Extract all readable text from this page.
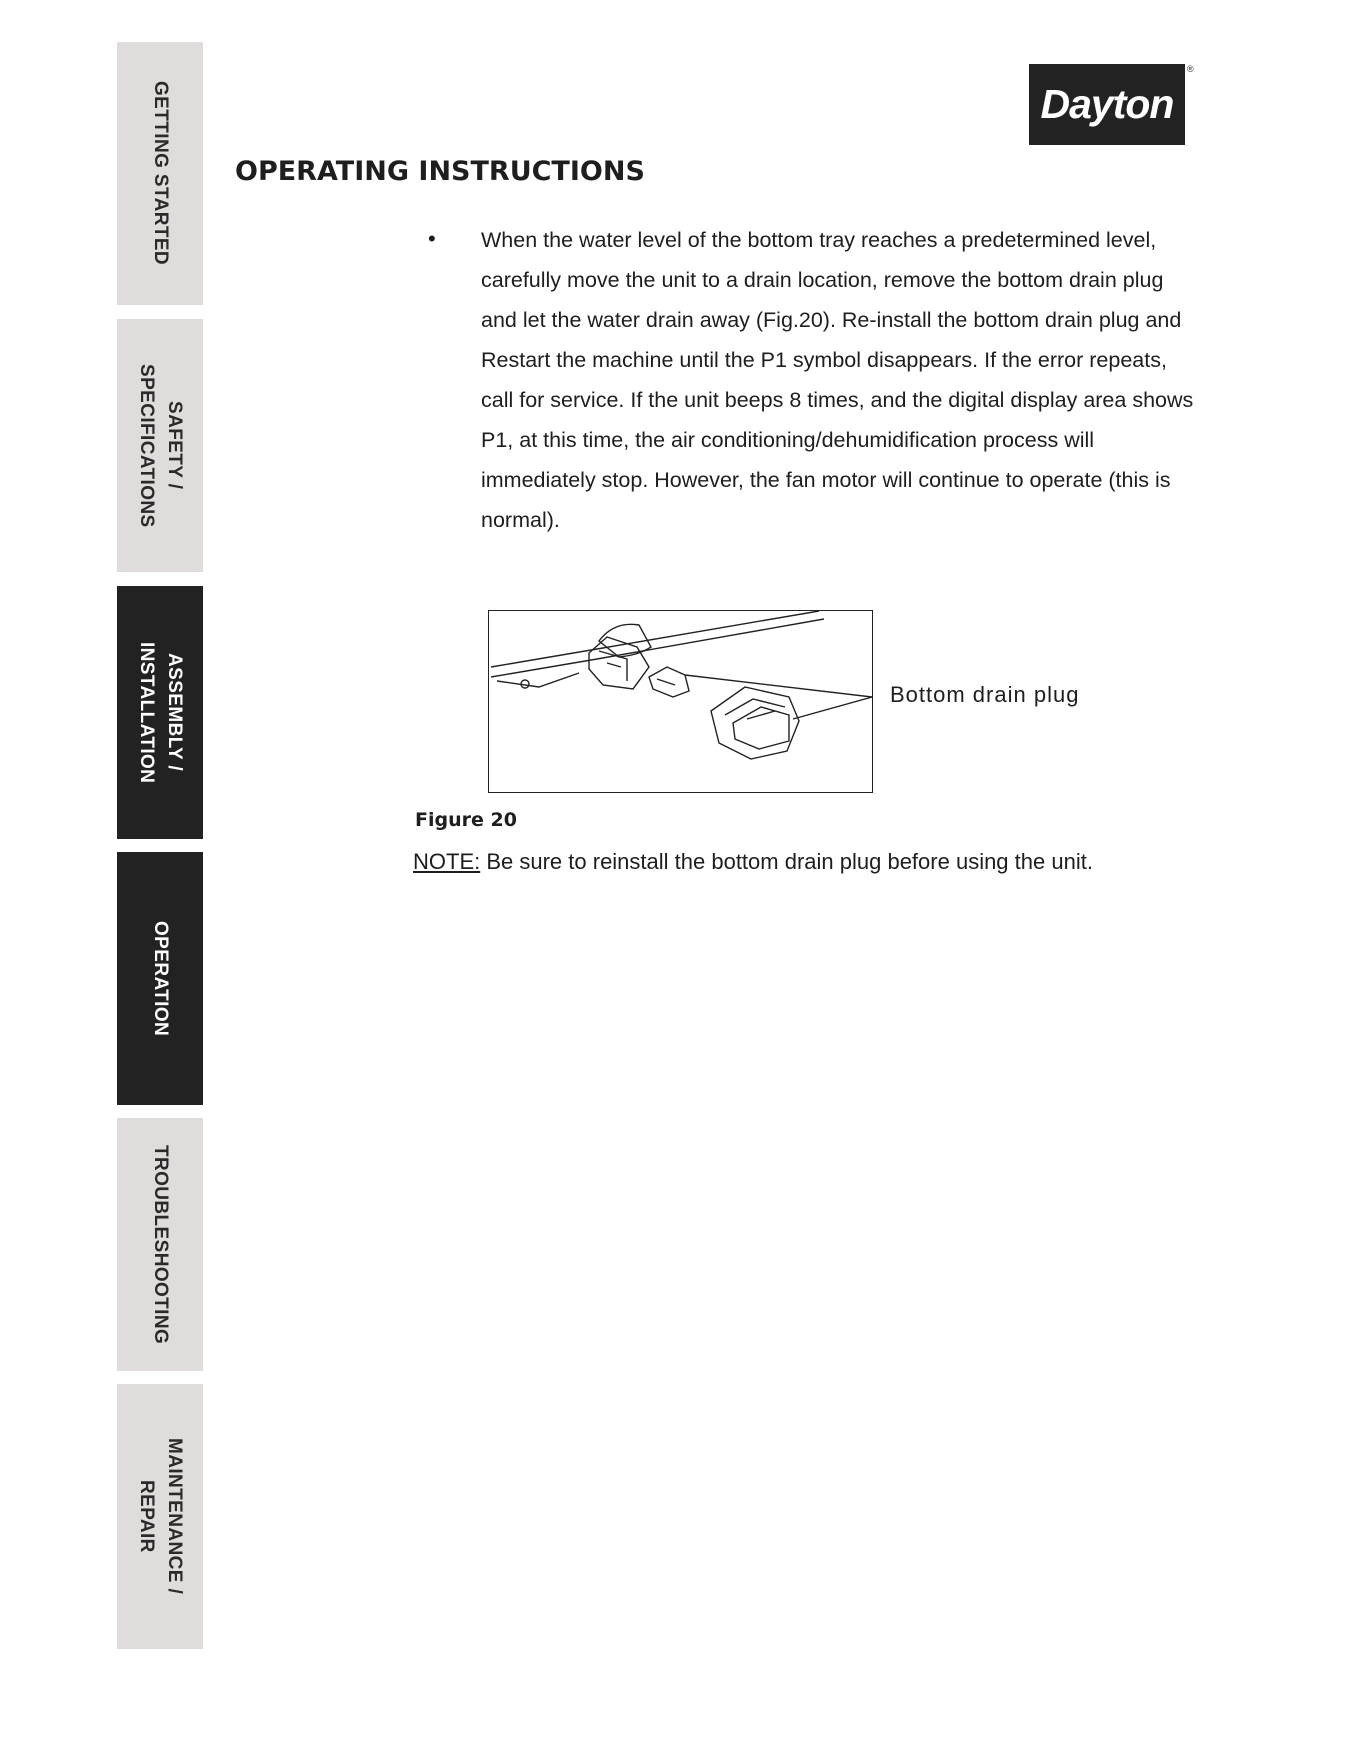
GETTING STARTED
SAFETY /
SPECIFICATIONS
ASSEMBLY /
INSTALLATION
OPERATION
TROUBLESHOOTING
MAINTENANCE /
REPAIR
Dayton
®
OPERATING INSTRUCTIONS
• When the water level of the bottom tray reaches a predetermined level, carefully move the unit to a drain location, remove the bottom drain plug and let the water drain away (Fig.20). Re-install the bottom drain plug and Restart the machine until the P1 symbol disappears. If the error repeats, call for service. If the unit beeps 8 times, and the digital display area shows P1, at this time, the air conditioning/dehumidification process will immediately stop. However, the fan motor will continue to operate (this is normal).

Bottom drain plug
Figure 20
NOTE: Be sure to reinstall the bottom drain plug before using the unit.
